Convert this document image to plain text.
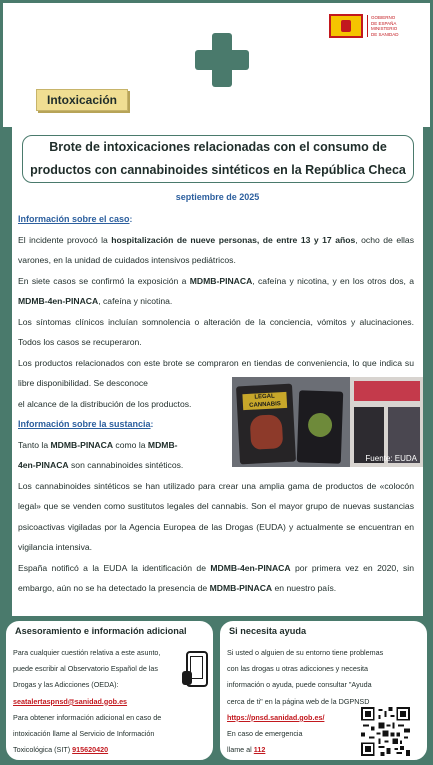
GOBIERNO
DE ESPAÑA
MINISTERIO
DE SANIDAD
Intoxicación
Brote de intoxicaciones relacionadas con el consumo de productos con cannabinoides sintéticos en la República Checa
septiembre de 2025

Información sobre el caso:

El incidente provocó la hospitalización de nueve personas, de entre 13 y 17 años, ocho de ellas varones, en la unidad de cuidados intensivos pediátricos.

En siete casos se confirmó la exposición a MDMB-PINACA, cafeína y nicotina, y en los otros dos, a MDMB-4en-PINACA, cafeína y nicotina.

Los síntomas clínicos incluían somnolencia o alteración de la conciencia, vómitos y alucinaciones. Todos los casos se recuperaron.

Los productos relacionados con este brote se compraron en tiendas de conveniencia, lo que indica su libre disponibilidad. Se desconoce

el alcance de la distribución de los productos.

Información sobre la sustancia:

Tanto la MDMB-PINACA como la MDMB-
4en-PINACA son cannabinoides sintéticos.

Los cannabinoides sintéticos se han utilizado para crear una amplia gama de productos de «colocón legal» que se venden como sustitutos legales del cannabis. Son el mayor grupo de nuevas sustancias psicoactivas vigiladas por la Agencia Europea de las Drogas (EUDA) y actualmente se encuentran en vigilancia intensiva.

España notificó a la EUDA la identificación de MDMB-4en-PINACA por primera vez en 2020, sin embargo, aún no se ha detectado la presencia de MDMB-PINACA en nuestro país.

LEGAL CANNABIS
Fuente: EUDA
Asesoramiento e información adicional
Para cualquier cuestión relativa a este asunto,
puede escribir al Observatorio Español de las
Drogas y las Adicciones (OEDA):
seatalertaspnsd@sanidad.gob.es
Para obtener información adicional en caso de
intoxicación llame al Servicio de Información
Toxicológica (SIT) 915620420
Si necesita ayuda
Si usted o alguien de su entorno tiene problemas
con las drogas u otras adicciones y necesita
información o ayuda, puede consultar "Ayuda
cerca de ti" en la página web de la DGPNSD
https://pnsd.sanidad.gob.es/
En caso de emergencia
llame al 112
